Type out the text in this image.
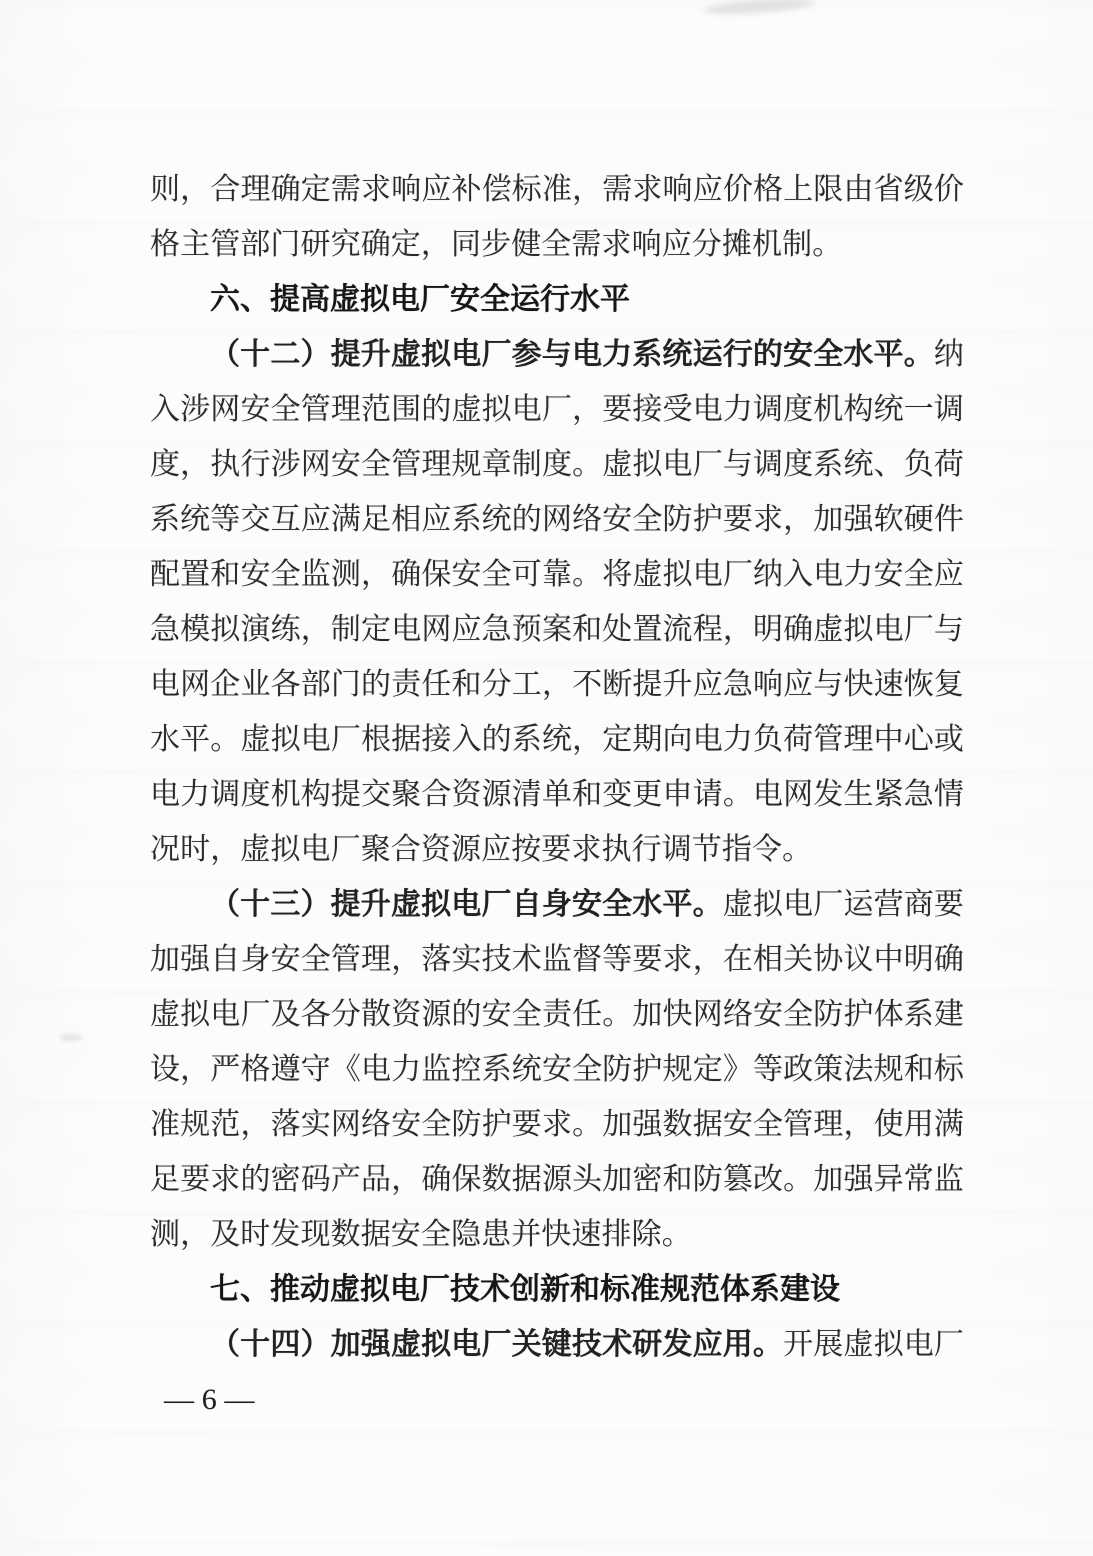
则，合理确定需求响应补偿标准，需求响应价格上限由省级价
格主管部门研究确定，同步健全需求响应分摊机制。
六、提高虚拟电厂安全运行水平
（十二）提升虚拟电厂参与电力系统运行的安全水平。纳
入涉网安全管理范围的虚拟电厂，要接受电力调度机构统一调
度，执行涉网安全管理规章制度。虚拟电厂与调度系统、负荷
系统等交互应满足相应系统的网络安全防护要求，加强软硬件
配置和安全监测，确保安全可靠。将虚拟电厂纳入电力安全应
急模拟演练，制定电网应急预案和处置流程，明确虚拟电厂与
电网企业各部门的责任和分工，不断提升应急响应与快速恢复
水平。虚拟电厂根据接入的系统，定期向电力负荷管理中心或
电力调度机构提交聚合资源清单和变更申请。电网发生紧急情
况时，虚拟电厂聚合资源应按要求执行调节指令。
（十三）提升虚拟电厂自身安全水平。虚拟电厂运营商要
加强自身安全管理，落实技术监督等要求，在相关协议中明确
虚拟电厂及各分散资源的安全责任。加快网络安全防护体系建
设，严格遵守《电力监控系统安全防护规定》等政策法规和标
准规范，落实网络安全防护要求。加强数据安全管理，使用满
足要求的密码产品，确保数据源头加密和防篡改。加强异常监
测，及时发现数据安全隐患并快速排除。
七、推动虚拟电厂技术创新和标准规范体系建设
（十四）加强虚拟电厂关键技术研发应用。开展虚拟电厂
— 6 —
